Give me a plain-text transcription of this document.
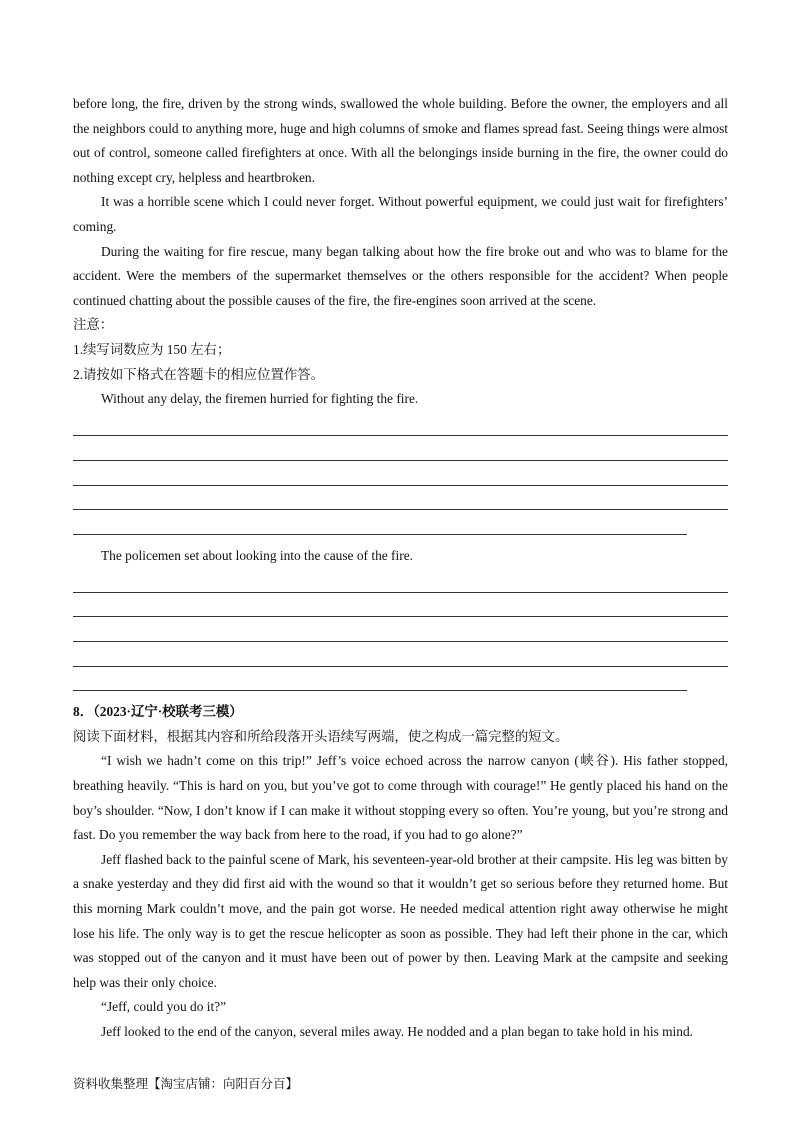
before long, the fire, driven by the strong winds, swallowed the whole building. Before the owner, the employers and all the neighbors could to anything more, huge and high columns of smoke and flames spread fast. Seeing things were almost out of control, someone called firefighters at once. With all the belongings inside burning in the fire, the owner could do nothing except cry, helpless and heartbroken.

It was a horrible scene which I could never forget. Without powerful equipment, we could just wait for firefighters’ coming.

During the waiting for fire rescue, many began talking about how the fire broke out and who was to blame for the accident. Were the members of the supermarket themselves or the others responsible for the accident? When people continued chatting about the possible causes of the fire, the fire-engines soon arrived at the scene.

注意：

1.续写词数应为 150 左右；

2.请按如下格式在答题卡的相应位置作答。

Without any delay, the firemen hurried for fighting the fire.

The policemen set about looking into the cause of the fire.

8．（2023·辽宁·校联考三模）

阅读下面材料，根据其内容和所给段落开头语续写两端，使之构成一篇完整的短文。

“I wish we hadn’t come on this trip!” Jeff’s voice echoed across the narrow canyon (峡谷). His father stopped, breathing heavily. “This is hard on you, but you’ve got to come through with courage!” He gently placed his hand on the boy’s shoulder. “Now, I don’t know if I can make it without stopping every so often. You’re young, but you’re strong and fast. Do you remember the way back from here to the road, if you had to go alone?”

Jeff flashed back to the painful scene of Mark, his seventeen-year-old brother at their campsite. His leg was bitten by a snake yesterday and they did first aid with the wound so that it wouldn’t get so serious before they returned home. But this morning Mark couldn’t move, and the pain got worse. He needed medical attention right away otherwise he might lose his life. The only way is to get the rescue helicopter as soon as possible. They had left their phone in the car, which was stopped out of the canyon and it must have been out of power by then. Leaving Mark at the campsite and seeking help was their only choice.

“Jeff, could you do it?”

Jeff looked to the end of the canyon, several miles away. He nodded and a plan began to take hold in his mind.

资料收集整理【淘宝店铺：向阳百分百】
